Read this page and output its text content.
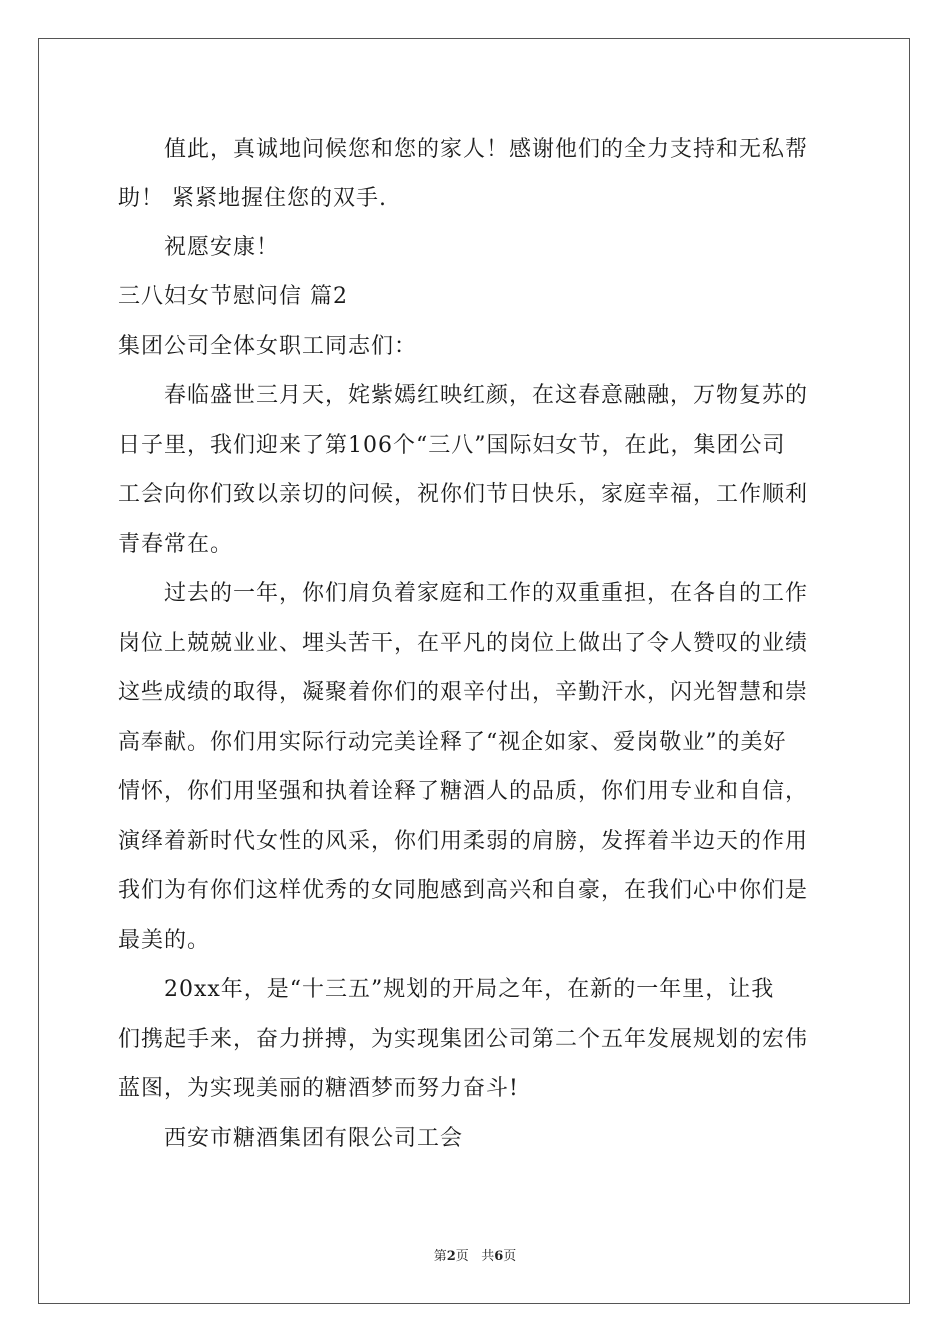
值此，真诚地问候您和您的家人！感谢他们的全力支持和无私帮
助！ 紧紧地握住您的双手.
祝愿安康！
三八妇女节慰问信 篇2
集团公司全体女职工同志们：
春临盛世三月天，姹紫嫣红映红颜，在这春意融融，万物复苏的
日子里，我们迎来了第106个“三八”国际妇女节，在此，集团公司
工会向你们致以亲切的问候，祝你们节日快乐，家庭幸福，工作顺利
青春常在。
过去的一年，你们肩负着家庭和工作的双重重担，在各自的工作
岗位上兢兢业业、埋头苦干，在平凡的岗位上做出了令人赞叹的业绩
这些成绩的取得，凝聚着你们的艰辛付出，辛勤汗水，闪光智慧和崇
高奉献。你们用实际行动完美诠释了“视企如家、爱岗敬业”的美好
情怀，你们用坚强和执着诠释了糖酒人的品质，你们用专业和自信，
演绎着新时代女性的风采，你们用柔弱的肩膀，发挥着半边天的作用
我们为有你们这样优秀的女同胞感到高兴和自豪，在我们心中你们是
最美的。
20xx年，是“十三五”规划的开局之年，在新的一年里，让我
们携起手来，奋力拼搏，为实现集团公司第二个五年发展规划的宏伟
蓝图，为实现美丽的糖酒梦而努力奋斗!
西安市糖酒集团有限公司工会
第2页 共6页
